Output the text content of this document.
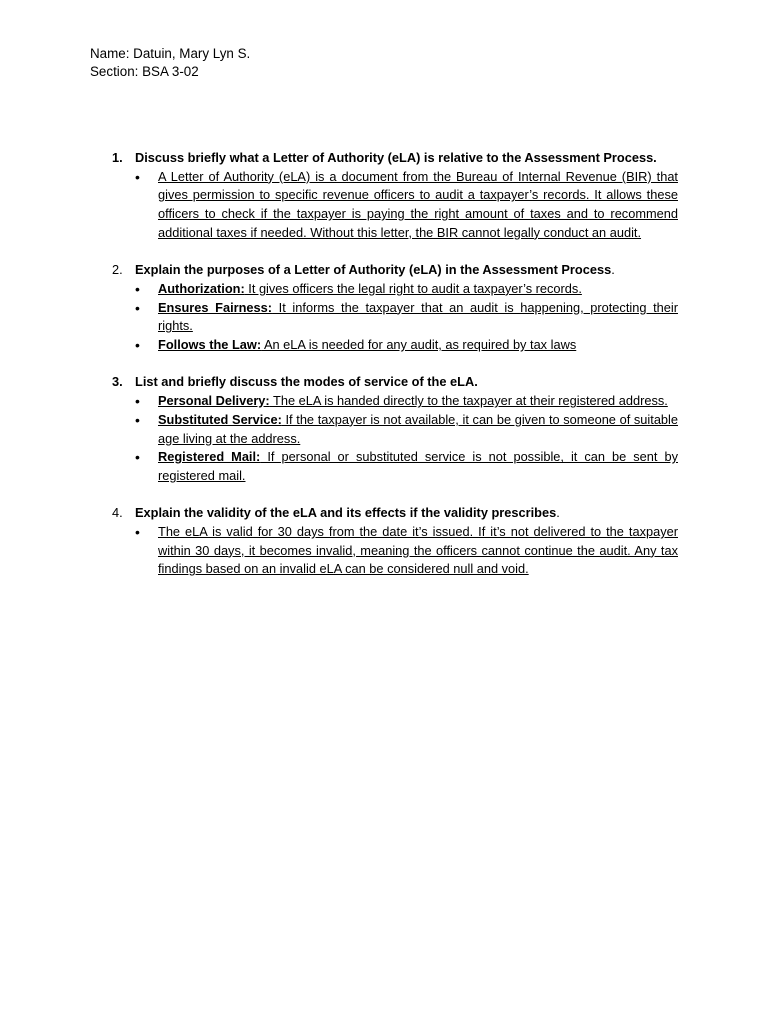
Name: Datuin, Mary Lyn S.
Section: BSA 3-02
1. Discuss briefly what a Letter of Authority (eLA) is relative to the Assessment Process.
• A Letter of Authority (eLA) is a document from the Bureau of Internal Revenue (BIR) that gives permission to specific revenue officers to audit a taxpayer’s records. It allows these officers to check if the taxpayer is paying the right amount of taxes and to recommend additional taxes if needed. Without this letter, the BIR cannot legally conduct an audit.
2. Explain the purposes of a Letter of Authority (eLA) in the Assessment Process.
• Authorization: It gives officers the legal right to audit a taxpayer’s records.
• Ensures Fairness: It informs the taxpayer that an audit is happening, protecting their rights.
• Follows the Law: An eLA is needed for any audit, as required by tax laws
3. List and briefly discuss the modes of service of the eLA.
• Personal Delivery: The eLA is handed directly to the taxpayer at their registered address.
• Substituted Service: If the taxpayer is not available, it can be given to someone of suitable age living at the address.
• Registered Mail: If personal or substituted service is not possible, it can be sent by registered mail.
4. Explain the validity of the eLA and its effects if the validity prescribes.
• The eLA is valid for 30 days from the date it’s issued. If it’s not delivered to the taxpayer within 30 days, it becomes invalid, meaning the officers cannot continue the audit. Any tax findings based on an invalid eLA can be considered null and void.
